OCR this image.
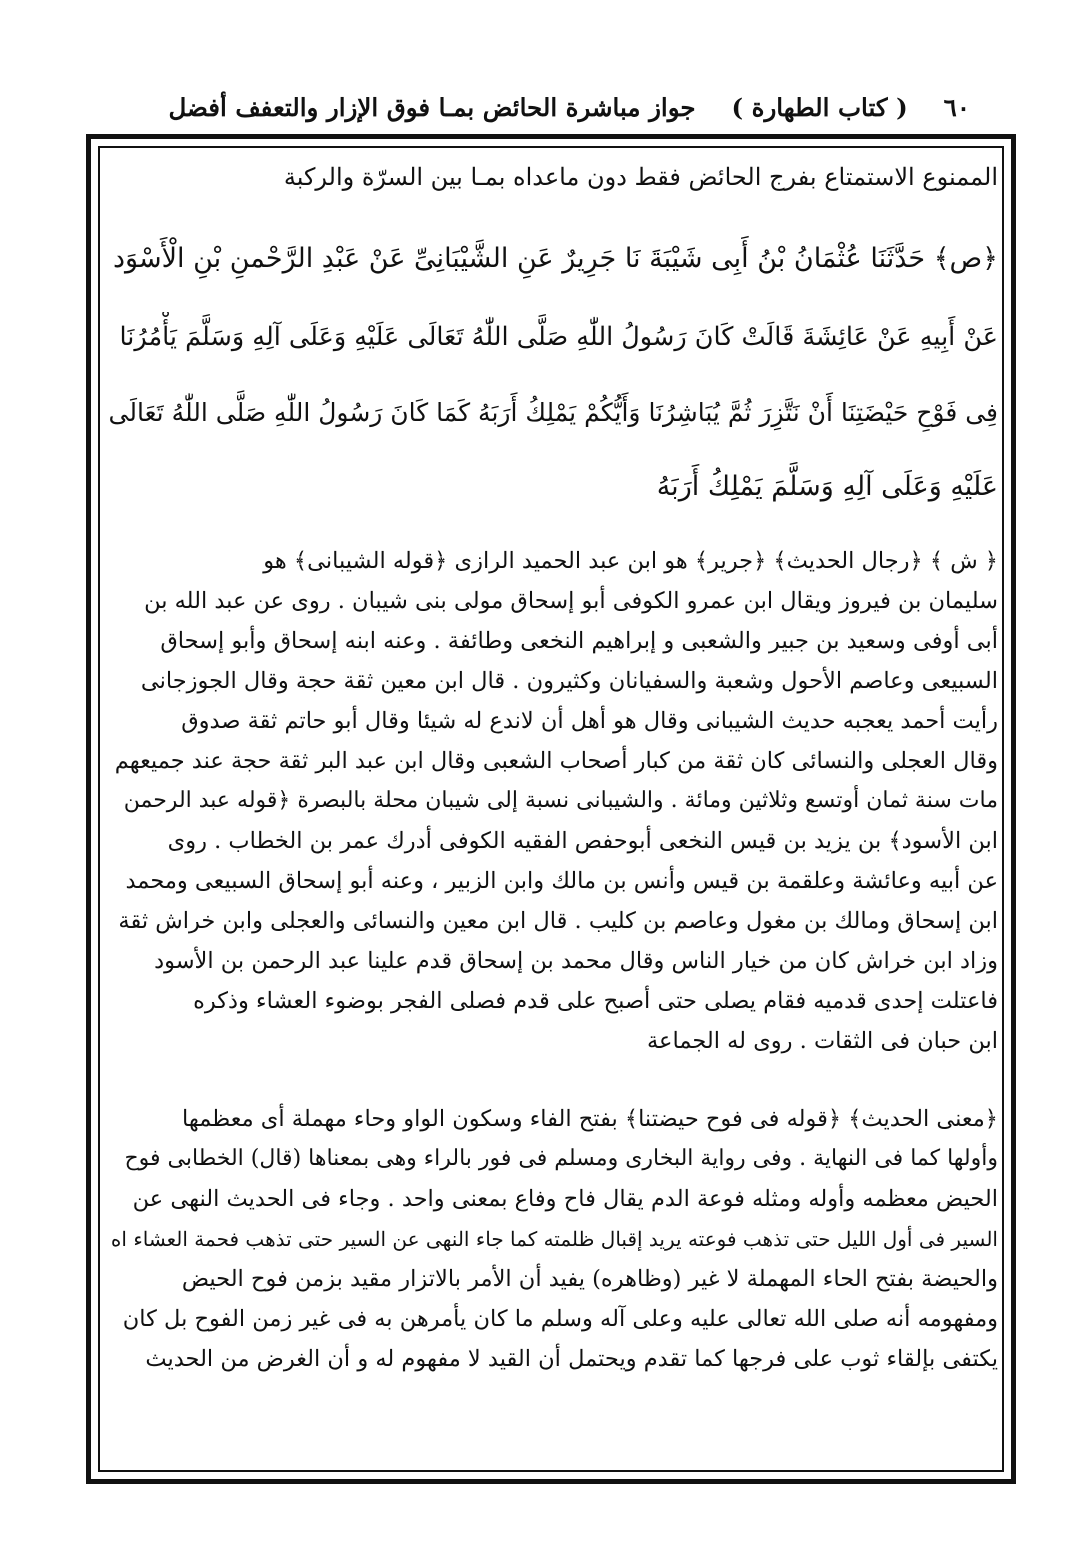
٦٠
( كتاب الطهارة )
جواز مباشرة الحائض بمـا فوق الإزار والتعفف أفضل
الممنوع الاستمتاع بفرج الحائض فقط دون ماعداه بمـا بين السرّة والركبة
﴿ص﴾ حَدَّثَنَا عُثْمَانُ بْنُ أَبِى شَيْبَةَ نَا جَرِيرٌ عَنِ الشَّيْبَانِىِّ عَنْ عَبْدِ الرَّحْمنِ بْنِ الْأَسْوَد
عَنْ أَبِيهِ عَنْ عَائِشَةَ قَالَتْ كَانَ رَسُولُ اللّٰهِ صَلَّى اللّٰهُ تَعَالَى عَلَيْهِ وَعَلَى آلِهِ وَسَلَّمَ يَأْمُرُنَا
فِى فَوْحِ حَيْضَتِنَا أَنْ نَتَّزِرَ ثُمَّ يُبَاشِرُنَا وَأَيُّكُمْ يَمْلِكُ أَرَبَهُ كَمَا كَانَ رَسُولُ اللّٰهِ صَلَّى اللّٰهُ تَعَالَى
عَلَيْهِ وَعَلَى آلِهِ وَسَلَّمَ يَمْلِكُ أَرَبَهُ
﴿ ش ﴾ ﴿رجال الحديث﴾ ﴿جرير﴾ هو ابن عبد الحميد الرازى ﴿قوله الشيبانى﴾ هو
سليمان بن فيروز ويقال ابن عمرو الكوفى أبو إسحاق مولى بنى شيبان . روى عن عبد الله بن
أبى أوفى وسعيد بن جبير والشعبى و إبراهيم النخعى وطائفة . وعنه ابنه إسحاق وأبو إسحاق
السبيعى وعاصم الأحول وشعبة والسفيانان وكثيرون . قال ابن معين ثقة حجة وقال الجوزجانى
رأيت أحمد يعجبه حديث الشيبانى وقال هو أهل أن لاندع له شيئا وقال أبو حاتم ثقة صدوق
وقال العجلى والنسائى كان ثقة من كبار أصحاب الشعبى وقال ابن عبد البر ثقة حجة عند جميعهم
مات سنة ثمان أوتسع وثلاثين ومائة . والشيبانى نسبة إلى شيبان محلة بالبصرة ﴿قوله عبد الرحمن
ابن الأسود﴾ بن يزيد بن قيس النخعى أبوحفص الفقيه الكوفى أدرك عمر بن الخطاب . روى
عن أبيه وعائشة وعلقمة بن قيس وأنس بن مالك وابن الزبير ، وعنه أبو إسحاق السبيعى ومحمد
ابن إسحاق ومالك بن مغول وعاصم بن كليب . قال ابن معين والنسائى والعجلى وابن خراش ثقة
وزاد ابن خراش كان من خيار الناس وقال محمد بن إسحاق قدم علينا عبد الرحمن بن الأسود
فاعتلت إحدى قدميه فقام يصلى حتى أصبح على قدم فصلى الفجر بوضوء العشاء وذكره
ابن حبان فى الثقات . روى له الجماعة
﴿معنى الحديث﴾ ﴿قوله فى فوح حيضتنا﴾ بفتح الفاء وسكون الواو وحاء مهملة أى معظمها
وأولها كما فى النهاية . وفى رواية البخارى ومسلم فى فور بالراء وهى بمعناها (قال) الخطابى فوح
الحيض معظمه وأوله ومثله فوعة الدم يقال فاح وفاع بمعنى واحد . وجاء فى الحديث النهى عن
السير فى أول الليل حتى تذهب فوعته يريد إقبال ظلمته كما جاء النهى عن السير حتى تذهب فحمة العشاء اه
والحيضة بفتح الحاء المهملة لا غير (وظاهره) يفيد أن الأمر بالاتزار مقيد بزمن فوح الحيض
ومفهومه أنه صلى الله تعالى عليه وعلى آله وسلم ما كان يأمرهن به فى غير زمن الفوح بل كان
يكتفى بإلقاء ثوب على فرجها كما تقدم ويحتمل أن القيد لا مفهوم له و أن الغرض من الحديث
